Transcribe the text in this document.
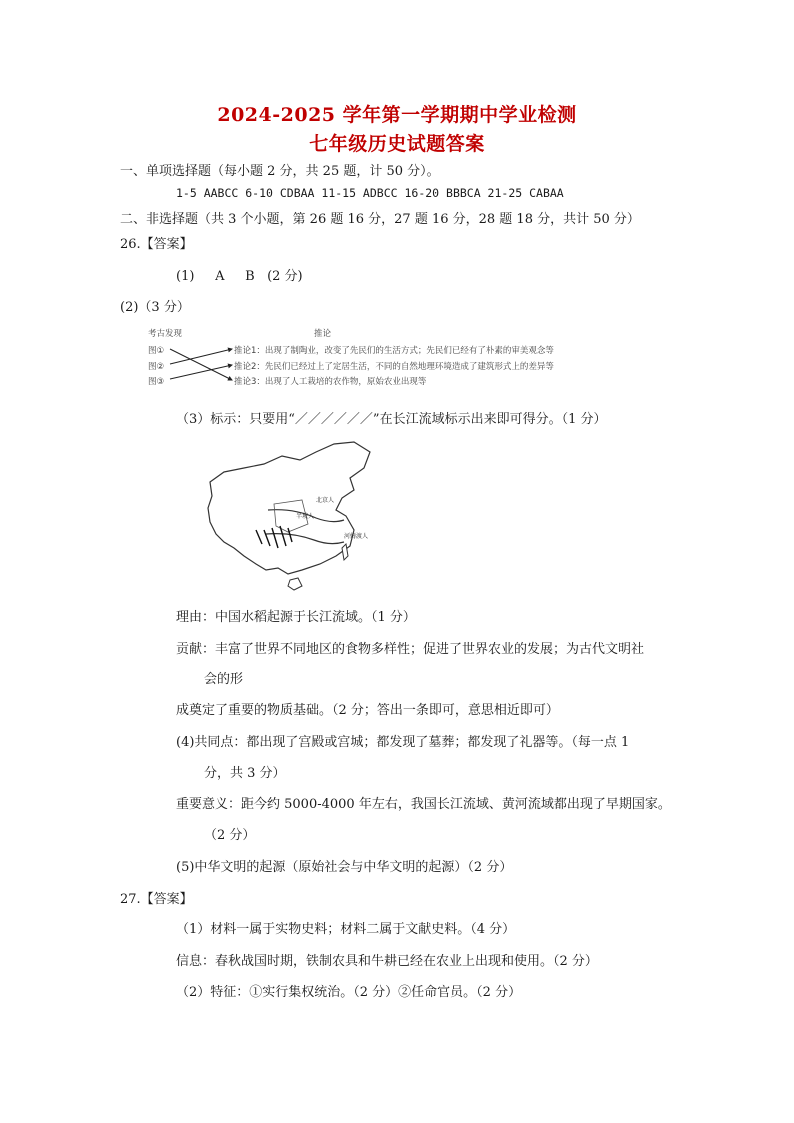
2024-2025 学年第一学期期中学业检测
七年级历史试题答案
一、单项选择题（每小题 2 分，共 25 题，计 50 分）。
1-5 AABCC 6-10 CDBAA 11-15 ADBCC 16-20 BBBCA 21-25 CABAA
二、非选择题（共 3 个小题，第 26 题 16 分，27 题 16 分，28 题 18 分，共计 50 分）
26.【答案】
(1)     A     B   (2 分)
(2)（3 分）
考古发现	推论
图①
图②
图③
推论1：出现了制陶业，改变了先民们的生活方式；先民们已经有了朴素的审美观念等
推论2：先民们已经过上了定居生活，不同的自然地理环境造成了建筑形式上的差异等
推论3：出现了人工栽培的农作物，原始农业出现等
（3）标示：只要用“／／／／／／”在长江流域标示出来即可得分。（1 分）
北京人
半坡人
河姆渡人
理由：中国水稻起源于长江流域。（1 分）
贡献：丰富了世界不同地区的食物多样性；促进了世界农业的发展；为古代文明社
会的形
成奠定了重要的物质基础。（2 分；答出一条即可，意思相近即可）
(4)共同点：都出现了宫殿或宫城；都发现了墓葬；都发现了礼器等。（每一点 1
分，共 3 分）
重要意义：距今约 5000-4000 年左右，我国长江流域、黄河流域都出现了早期国家。
（2 分）
(5)中华文明的起源（原始社会与中华文明的起源）（2 分）
27.【答案】
（1）材料一属于实物史料；材料二属于文献史料。（4 分）
信息：春秋战国时期，铁制农具和牛耕已经在农业上出现和使用。（2 分）
（2）特征：①实行集权统治。（2 分）②任命官员。（2 分）
